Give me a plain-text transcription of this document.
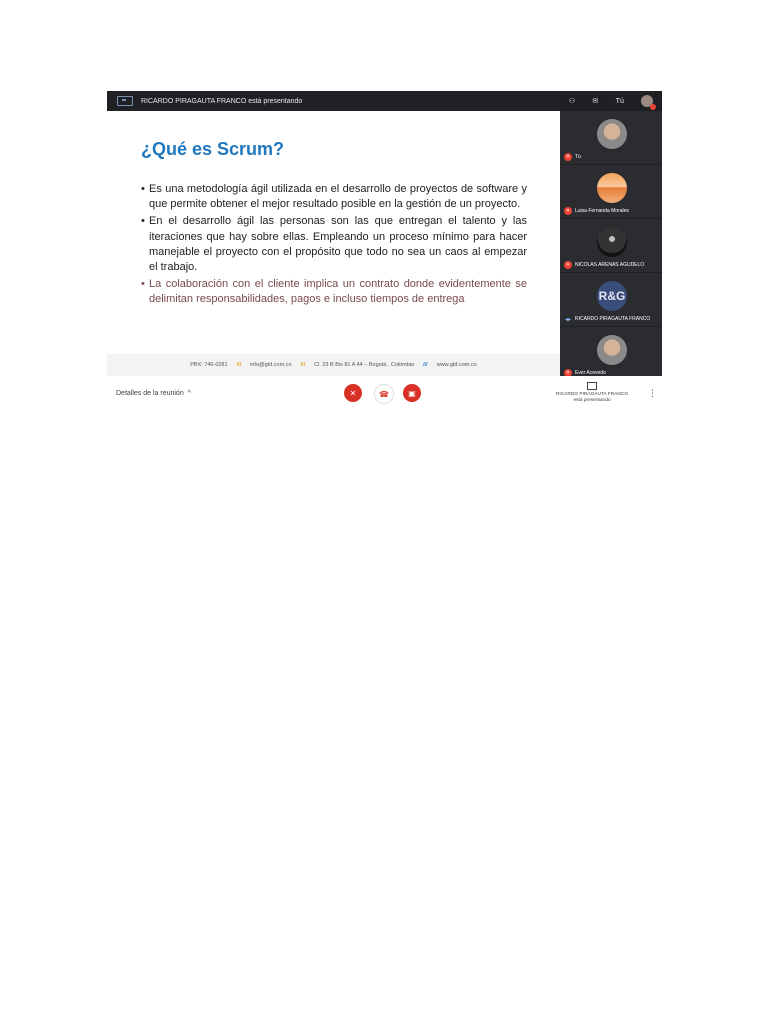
RICARDO PIRAGAUTA FRANCO está presentando	⚇ ✉ Tú
¿Qué es Scrum?
• Es una metodología ágil utilizada en el desarrollo de proyectos de software y que permite obtener el mejor resultado posible en la gestión de un proyecto.
• En el desarrollo ágil las personas son las que entregan el talento y las iteraciones que hay sobre ellas. Empleando un proceso mínimo para hacer manejable el proyecto con el propósito que todo no sea un caos al empezar el trabajo.
• La colaboración con el cliente implica un contrato donde evidentemente se delimitan responsabilidades, pagos e incluso tiempos de entrega
PBX: 746-0281 /// info@gtd.com.co /// Cl. 23 B Bis 81 A 44 – Bogotá , Colombia /// www.gtd.com.co
✕ Tú
✕ Luisa Fernanda Morales
✕ NICOLAS ARENAS AGUDELO
R&G
◂▸ RICARDO PIRAGAUTA FRANCO
✕ Ever Acevedo
Detalles de la reunión  ^	✕	☎ ▣	RICARDO PIRAGAUTA FRANCO
está presentando
⋮
